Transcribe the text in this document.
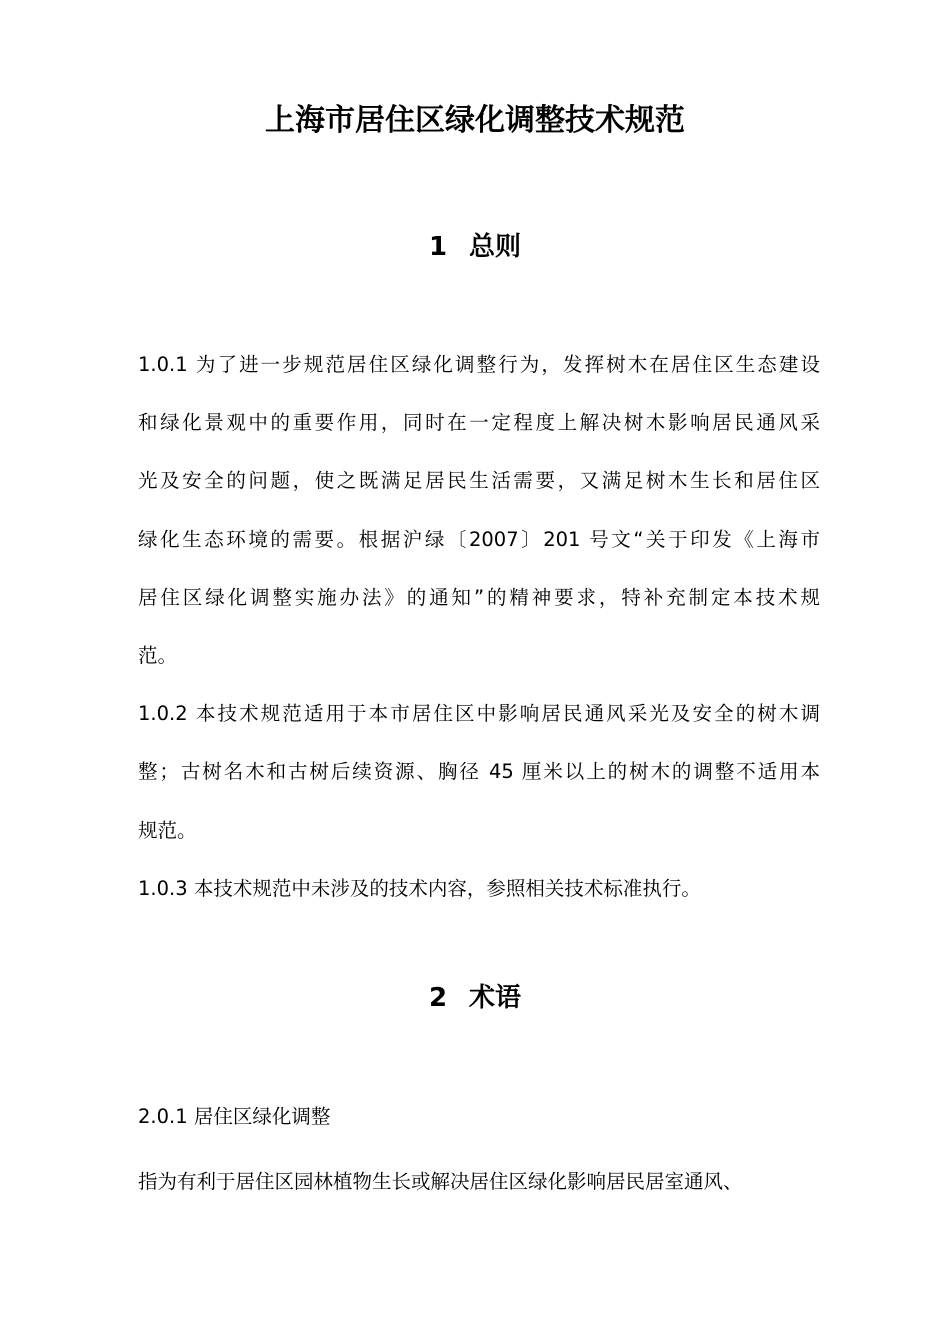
上海市居住区绿化调整技术规范
1 总则
1.0.1 为了进一步规范居住区绿化调整行为，发挥树木在居住区生态建设
和绿化景观中的重要作用，同时在一定程度上解决树木影响居民通风采
光及安全的问题，使之既满足居民生活需要，又满足树木生长和居住区
绿化生态环境的需要。根据沪绿〔2007〕201 号文“关于印发《上海市
居住区绿化调整实施办法》的通知”的精神要求，特补充制定本技术规
范。
1.0.2 本技术规范适用于本市居住区中影响居民通风采光及安全的树木调
整；古树名木和古树后续资源、胸径 45 厘米以上的树木的调整不适用本
规范。
1.0.3 本技术规范中未涉及的技术内容，参照相关技术标准执行。
2 术语
2.0.1 居住区绿化调整
指为有利于居住区园林植物生长或解决居住区绿化影响居民居室通风、
